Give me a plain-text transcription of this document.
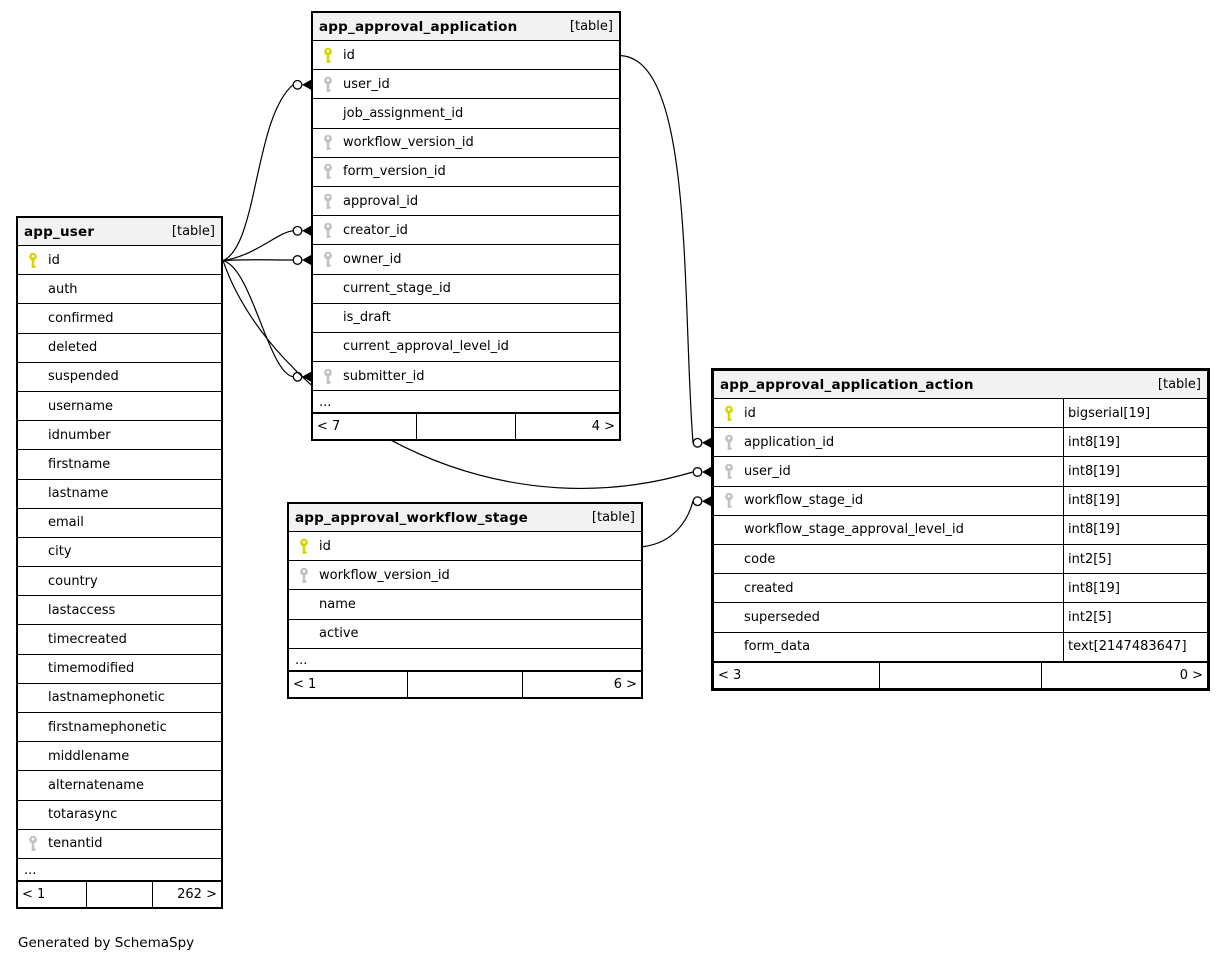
app_user	[table]
id
auth
confirmed
deleted
suspended
username
idnumber
firstname
lastname
email
city
country
lastaccess
timecreated
timemodified
lastnamephonetic
firstnamephonetic
middlename
alternatename
totarasync
tenantid
...
< 1	262 >
app_approval_application	[table]
id
user_id
job_assignment_id
workflow_version_id
form_version_id
approval_id
creator_id
owner_id
current_stage_id
is_draft
current_approval_level_id
submitter_id
...
< 7	4 >
app_approval_workflow_stage	[table]
id
workflow_version_id
name
active
...
< 1	6 >
app_approval_application_action	[table]
id	bigserial[19]
application_id	int8[19]
user_id	int8[19]
workflow_stage_id	int8[19]
workflow_stage_approval_level_id	int8[19]
code	int2[5]
created	int8[19]
superseded	int2[5]
form_data	text[2147483647]
< 3	0 >
Generated by SchemaSpy
